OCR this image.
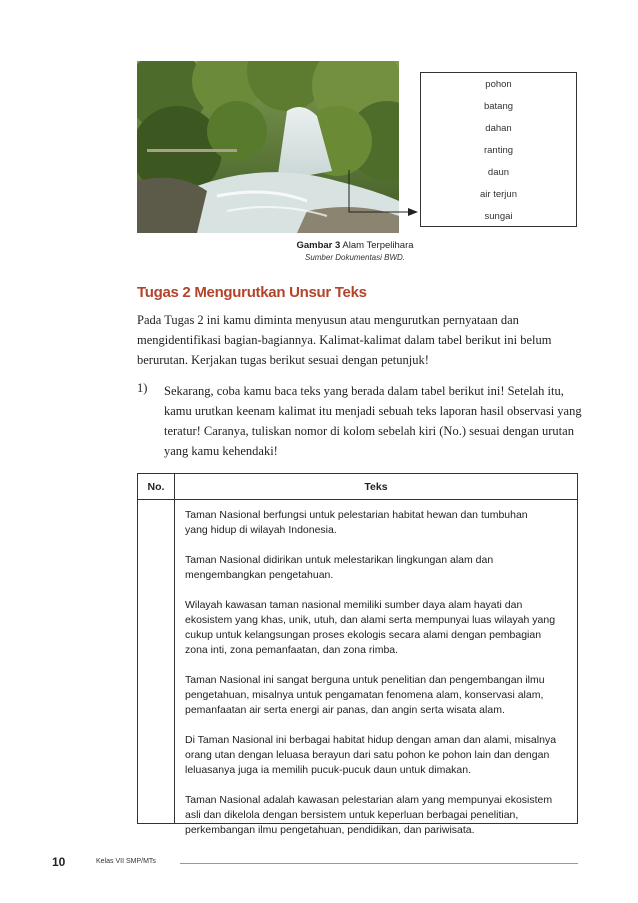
pohon
batang
dahan
ranting
daun
air terjun
sungai
Gambar 3 Alam Terpelihara
Sumber Dokumentasi BWD.
Tugas 2 Mengurutkan Unsur Teks
Pada Tugas 2 ini kamu diminta menyusun atau mengurutkan pernyataan dan
mengidentifikasi bagian-bagiannya. Kalimat-kalimat dalam tabel berikut ini belum
berurutan. Kerjakan tugas berikut sesuai dengan petunjuk!
1) Sekarang, coba kamu baca teks yang berada dalam tabel berikut ini! Setelah itu,
kamu urutkan keenam kalimat itu menjadi sebuah teks laporan hasil observasi yang
teratur! Caranya, tuliskan nomor di kolom sebelah kiri (No.) sesuai dengan urutan
yang kamu kehendaki!
No.	Teks
Taman Nasional berfungsi untuk pelestarian habitat hewan dan tumbuhan
yang hidup di wilayah Indonesia.
Taman Nasional didirikan untuk melestarikan lingkungan alam dan
mengembangkan pengetahuan.
Wilayah kawasan taman nasional memiliki sumber daya alam hayati dan
ekosistem yang khas, unik, utuh, dan alami serta mempunyai luas wilayah yang
cukup untuk kelangsungan proses ekologis secara alami dengan pembagian
zona inti, zona pemanfaatan, dan zona rimba.
Taman Nasional ini sangat berguna untuk penelitian dan pengembangan ilmu
pengetahuan, misalnya untuk pengamatan fenomena alam, konservasi alam,
pemanfaatan air serta energi air panas, dan angin serta wisata alam.
Di Taman Nasional ini berbagai habitat hidup dengan aman dan alami, misalnya
orang utan dengan leluasa berayun dari satu pohon ke pohon lain dan dengan
leluasanya juga ia memilih pucuk-pucuk daun untuk dimakan.
Taman Nasional adalah kawasan pelestarian alam yang mempunyai ekosistem
asli dan dikelola dengan bersistem untuk keperluan berbagai penelitian,
perkembangan ilmu pengetahuan, pendidikan, dan pariwisata.
10	Kelas VII SMP/MTs
